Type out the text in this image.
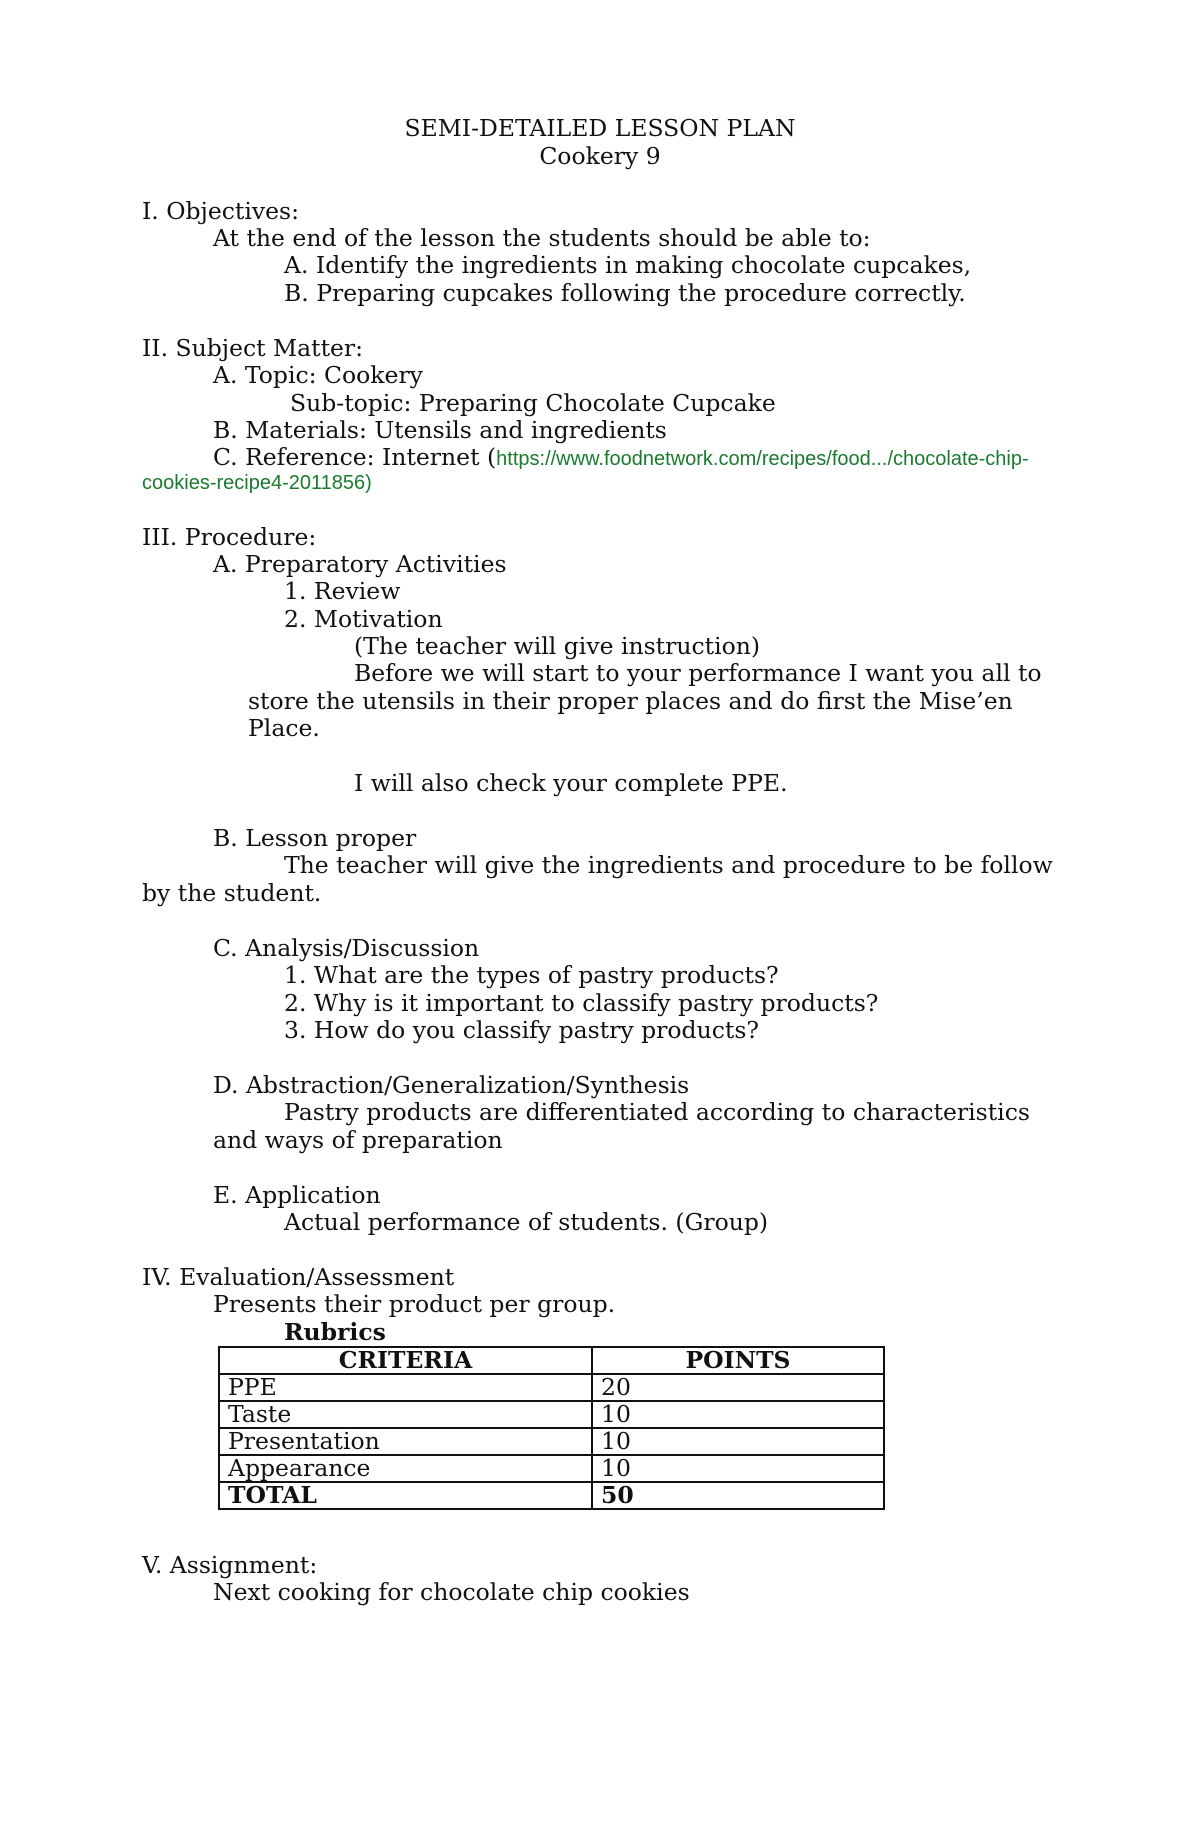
SEMI-DETAILED LESSON PLAN
Cookery 9
I. Objectives:
At the end of the lesson the students should be able to:
A. Identify the ingredients in making chocolate cupcakes,
B. Preparing cupcakes following the procedure correctly.
II. Subject Matter:
A. Topic: Cookery
Sub-topic: Preparing Chocolate Cupcake
B. Materials: Utensils and ingredients
C. Reference: Internet (https://www.foodnetwork.com/recipes/food.../chocolate-chip-
cookies-recipe4-2011856)
III. Procedure:
A. Preparatory Activities
1. Review
2. Motivation
(The teacher will give instruction)
Before we will start to your performance I want you all to
store the utensils in their proper places and do first the Mise’en
Place.
I will also check your complete PPE.
B. Lesson proper
The teacher will give the ingredients and procedure to be follow
by the student.
C. Analysis/Discussion
1. What are the types of pastry products?
2. Why is it important to classify pastry products?
3. How do you classify pastry products?
D. Abstraction/Generalization/Synthesis
Pastry products are differentiated according to characteristics
and ways of preparation
E. Application
Actual performance of students. (Group)
IV. Evaluation/Assessment
Presents their product per group.
Rubrics
CRITERIA	POINTS
PPE	20
Taste	10
Presentation	10
Appearance	10
TOTAL	50
V. Assignment:
Next cooking for chocolate chip cookies
